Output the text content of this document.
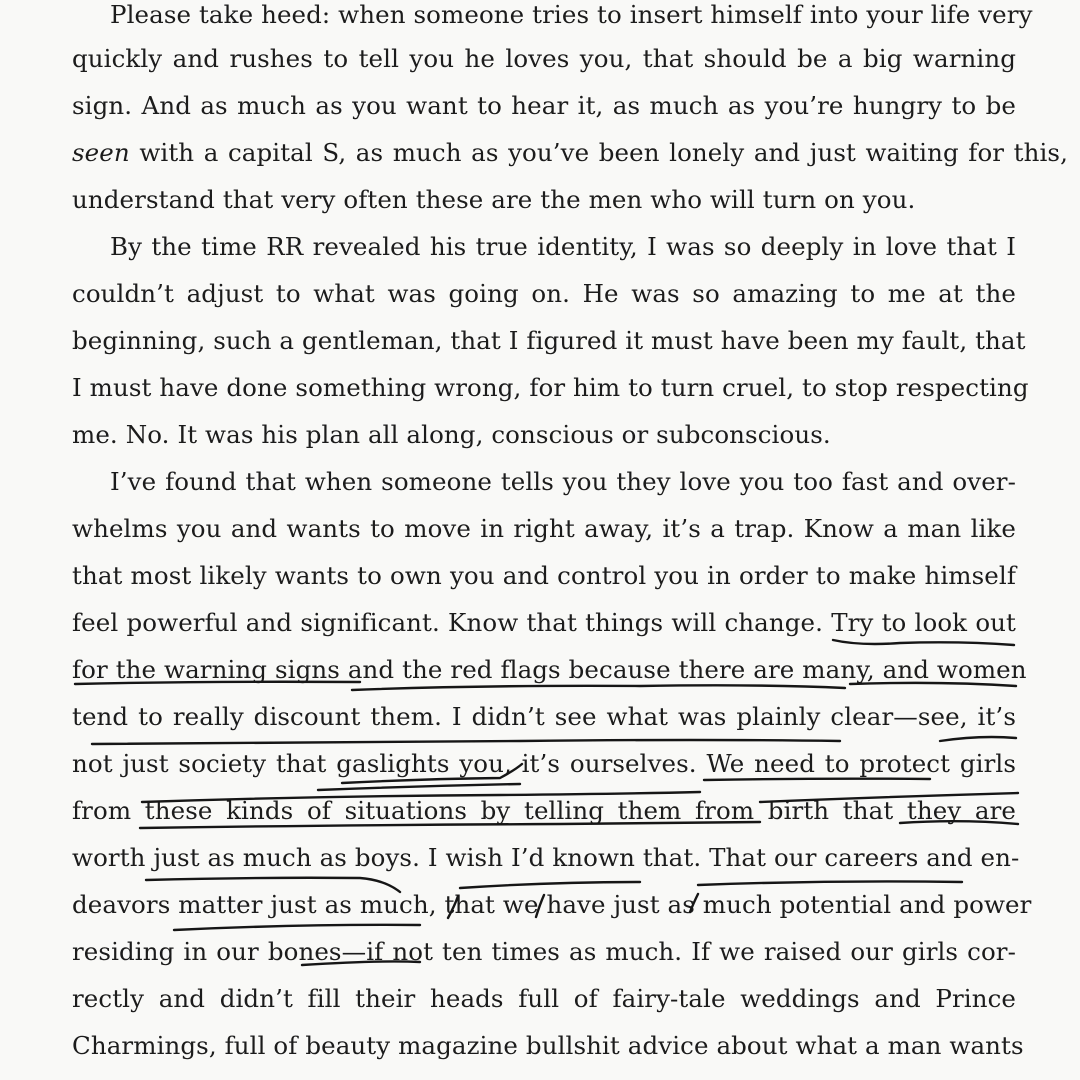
Please take heed: when someone tries to insert himself into your life very
quickly and rushes to tell you he loves you, that should be a big warning
sign. And as much as you want to hear it, as much as you’re hungry to be
seen with a capital S, as much as you’ve been lonely and just waiting for this,
understand that very often these are the men who will turn on you.
By the time RR revealed his true identity, I was so deeply in love that I
couldn’t adjust to what was going on. He was so amazing to me at the
beginning, such a gentleman, that I figured it must have been my fault, that
I must have done something wrong, for him to turn cruel, to stop respecting
me. No. It was his plan all along, conscious or subconscious.
I’ve found that when someone tells you they love you too fast and over-
whelms you and wants to move in right away, it’s a trap. Know a man like
that most likely wants to own you and control you in order to make himself
feel powerful and significant. Know that things will change. Try to look out
for the warning signs and the red flags because there are many, and women
tend to really discount them. I didn’t see what was plainly clear—see, it’s
not just society that gaslights you, it’s ourselves. We need to protect girls
from these kinds of situations by telling them from birth that they are
worth just as much as boys. I wish I’d known that. That our careers and en-
deavors matter just as much, that we have just as much potential and power
residing in our bones—if not ten times as much. If we raised our girls cor-
rectly and didn’t fill their heads full of fairy-tale weddings and Prince
Charmings, full of beauty magazine bullshit advice about what a man wants
